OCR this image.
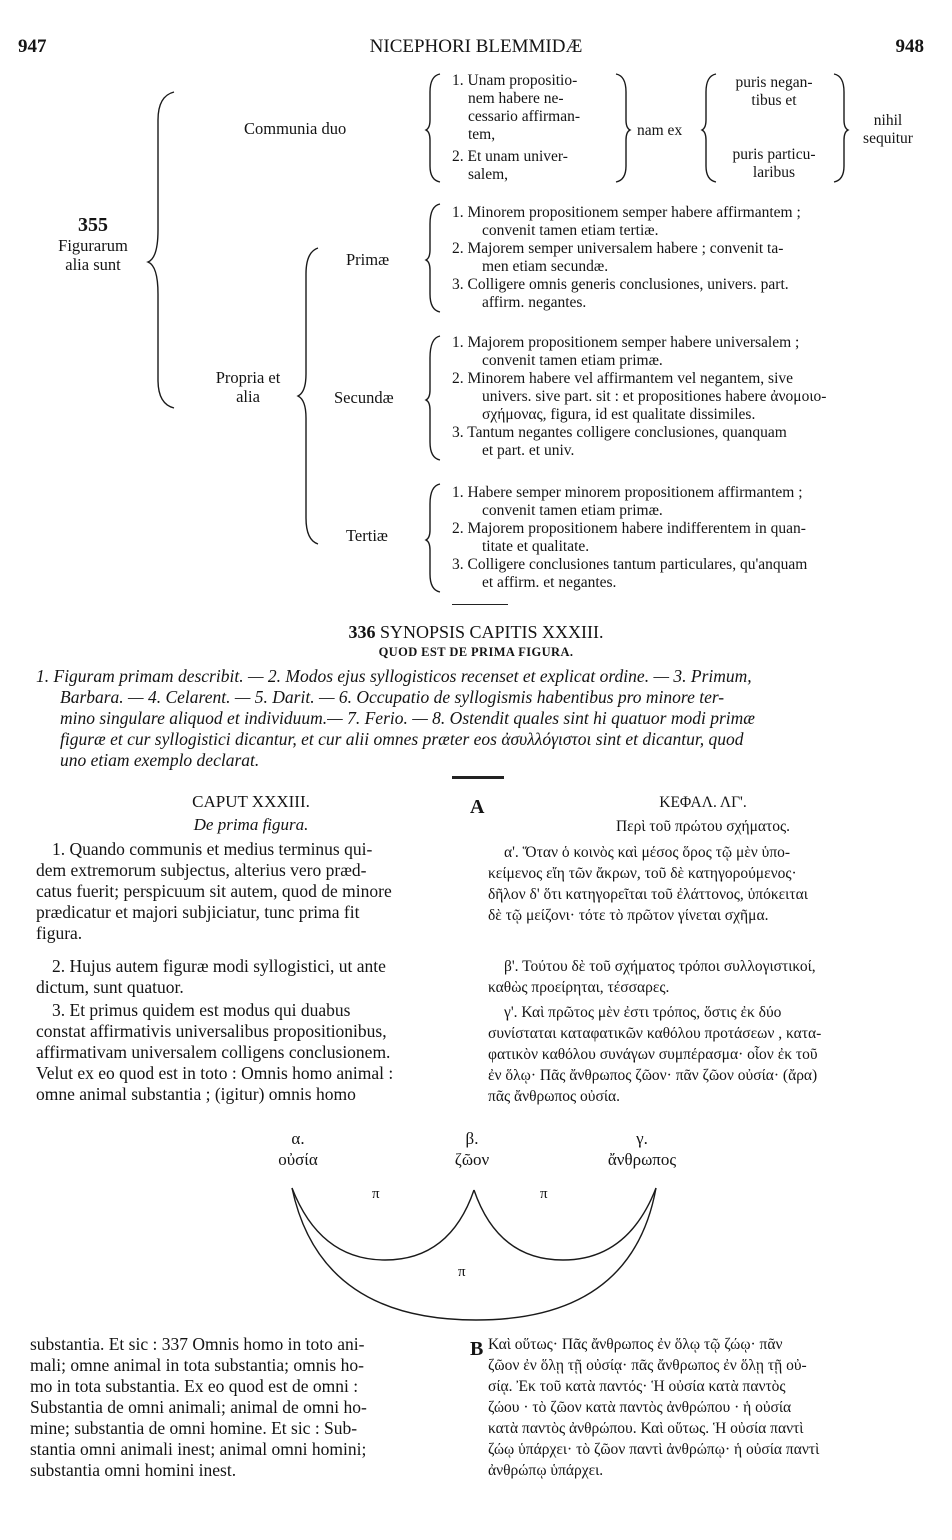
947	NICEPHORI BLEMMIDÆ	948
355
Figurarum
alia sunt
Communia duo
1. Unam propositio-
nem habere ne-
cessario affirman-
tem,
2. Et unam univer-
salem,
nam ex
puris negan-
tibus et
puris particu-
laribus
nihil
sequitur
Propria et
alia
Primæ
1. Minorem propositionem semper habere affirmantem ;
convenit tamen etiam tertiæ.
2. Majorem semper universalem habere ; convenit ta-
men etiam secundæ.
3. Colligere omnis generis conclusiones, univers. part.
affirm. negantes.
Secundæ
1. Majorem propositionem semper habere universalem ;
convenit tamen etiam primæ.
2. Minorem habere vel affirmantem vel negantem, sive
univers. sive part. sit : et propositiones habere ἀνομοιο-
σχήμονας, figura, id est qualitate dissimiles.
3. Tantum negantes colligere conclusiones, quanquam
et part. et univ.
Tertiæ
1. Habere semper minorem propositionem affirmantem ;
convenit tamen etiam primæ.
2. Majorem propositionem habere indifferentem in quan-
titate et qualitate.
3. Colligere conclusiones tantum particulares, qu'anquam
et affirm. et negantes.
336 SYNOPSIS CAPITIS XXXIII.
QUOD EST DE PRIMA FIGURA.
1. Figuram primam describit. — 2. Modos ejus syllogisticos recenset et explicat ordine. — 3. Primum,
Barbara. — 4. Celarent. — 5. Darit. — 6. Occupatio de syllogismis habentibus pro minore ter-
mino singulare aliquod et individuum.— 7. Ferio. — 8. Ostendit quales sint hi quatuor modi primæ
figuræ et cur syllogistici dicantur, et cur alii omnes præter eos ἀσυλλόγιστοι sint et dicantur, quod
uno etiam exemplo declarat.
CAPUT XXXIII.
De prima figura.
1. Quando communis et medius terminus qui-
dem extremorum subjectus, alterius vero præd-
catus fuerit; perspicuum sit autem, quod de minore
prædicatur et majori subjiciatur, tunc prima fit
figura.
2. Hujus autem figuræ modi syllogistici, ut ante
dictum, sunt quatuor.
3. Et primus quidem est modus qui duabus
constat affirmativis universalibus propositionibus,
affirmativam universalem colligens conclusionem.
Velut ex eo quod est in toto : Omnis homo animal :
omne animal substantia ; (igitur) omnis homo
A	ΚΕΦΑΛ. ΛΓ'.
Περὶ τοῦ πρώτου σχήματος.
α'. Ὅταν ὁ κοινὸς καὶ μέσος ὅρος τῷ μὲν ὑπο-
κείμενος εἴη τῶν ἄκρων, τοῦ δὲ κατηγορούμενος·
δῆλον δ' ὅτι κατηγορεῖται τοῦ ἐλάττονος, ὑπόκειται
δὲ τῷ μείζονι· τότε τὸ πρῶτον γίνεται σχῆμα.
β'. Τούτου δὲ τοῦ σχήματος τρόποι συλλογιστικοί,
καθὼς προείρηται, τέσσαρες.
γ'. Καὶ πρῶτος μὲν ἐστι τρόπος, ὅστις ἐκ δύο
συνίσταται καταφατικῶν καθόλου προτάσεων , κατα-
φατικὸν καθόλου συνάγων συμπέρασμα· οἷον ἐκ τοῦ
ἐν ὅλῳ· Πᾶς ἄνθρωπος ζῶον· πᾶν ζῶον οὐσία· (ἄρα)
πᾶς ἄνθρωπος οὐσία.
α.
οὐσία
β.
ζῶον
γ.
ἄνθρωπος
π	π
π
substantia. Et sic : 337 Omnis homo in toto ani-
mali; omne animal in tota substantia; omnis ho-
mo in tota substantia. Ex eo quod est de omni :
Substantia de omni animali; animal de omni ho-
mine; substantia de omni homine. Et sic : Sub-
stantia omni animali inest; animal omni homini;
substantia omni homini inest.
B Καὶ οὕτως· Πᾶς ἄνθρωπος ἐν ὅλῳ τῷ ζώῳ· πᾶν
ζῶον ἐν ὅλῃ τῇ οὐσίᾳ· πᾶς ἄνθρωπος ἐν ὅλῃ τῇ οὐ-
σίᾳ. Ἐκ τοῦ κατὰ παντός· Ἡ οὐσία κατὰ παντὸς
ζώου · τὸ ζῶον κατὰ παντὸς ἀνθρώπου · ἡ οὐσία
κατὰ παντὸς ἀνθρώπου. Καὶ οὕτως. Ἡ οὐσία παντὶ
ζώῳ ὑπάρχει· τὸ ζῶον παντὶ ἀνθρώπῳ· ἡ οὐσία παντὶ
ἀνθρώπῳ ὑπάρχει.
